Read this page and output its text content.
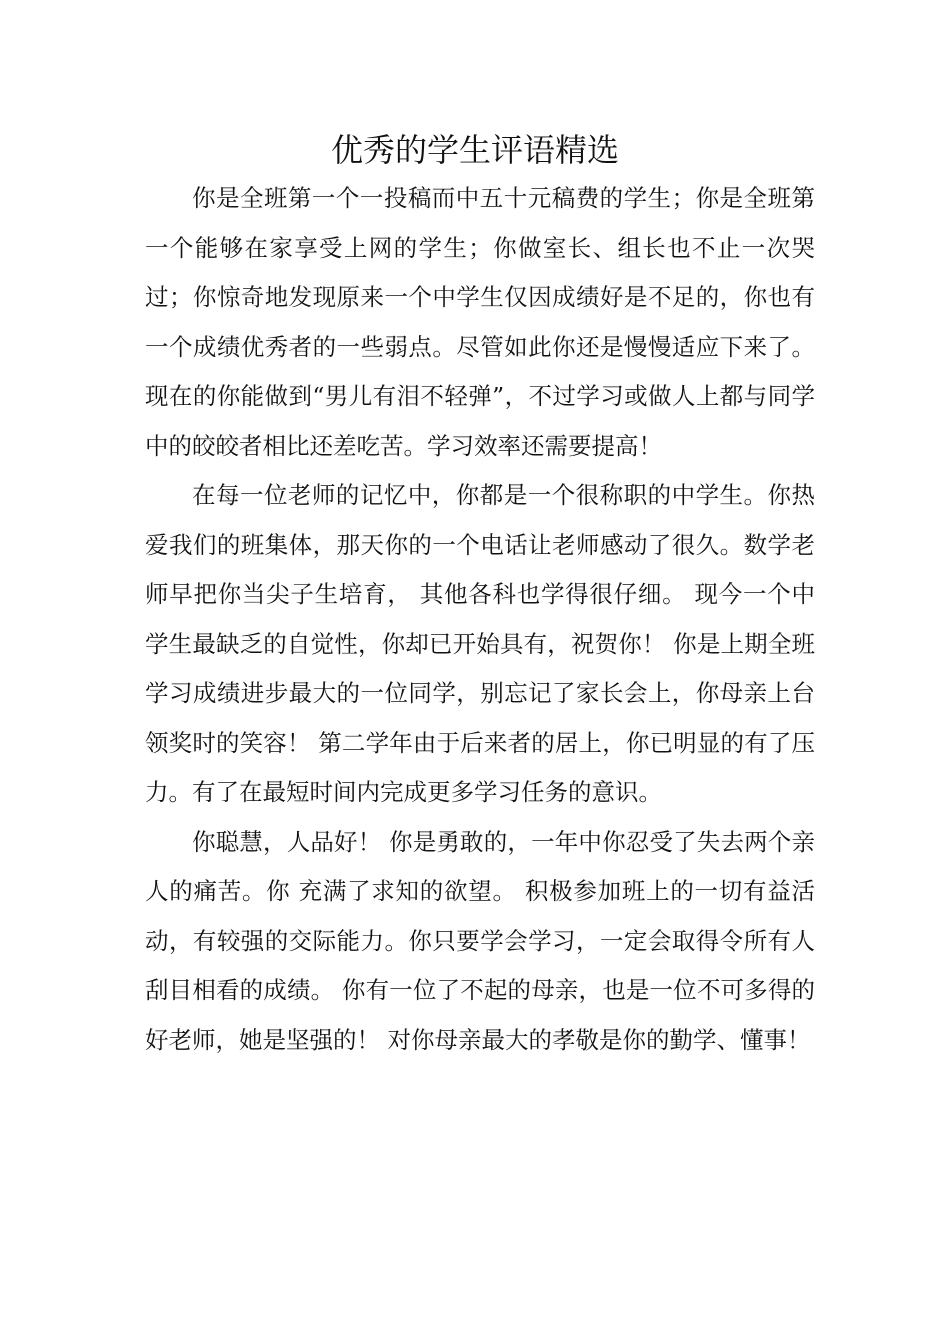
优秀的学生评语精选

你是全班第一个一投稿而中五十元稿费的学生；你是全班第一个能够在家享受上网的学生；你做室长、组长也不止一次哭过；你惊奇地发现原来一个中学生仅因成绩好是不足的，你也有一个成绩优秀者的一些弱点。尽管如此你还是慢慢适应下来了。 现在的你能做到“男儿有泪不轻弹”，不过学习或做人上都与同学中的皎皎者相比还差吃苦。学习效率还需要提高！

在每一位老师的记忆中，你都是一个很称职的中学生。你热爱我们的班集体，那天你的一个电话让老师感动了很久。数学老师早把你当尖子生培育， 其他各科也学得很仔细。 现今一个中学生最缺乏的自觉性，你却已开始具有，祝贺你！ 你是上期全班学习成绩进步最大的一位同学，别忘记了家长会上，你母亲上台领奖时的笑容！ 第二学年由于后来者的居上，你已明显的有了压力。有了在最短时间内完成更多学习任务的意识。

你聪慧，人品好！ 你是勇敢的，一年中你忍受了失去两个亲人的痛苦。你 充满了求知的欲望。 积极参加班上的一切有益活动，有较强的交际能力。你只要学会学习，一定会取得令所有人刮目相看的成绩。 你有一位了不起的母亲，也是一位不可多得的好老师，她是坚强的！ 对你母亲最大的孝敬是你的勤学、懂事！
